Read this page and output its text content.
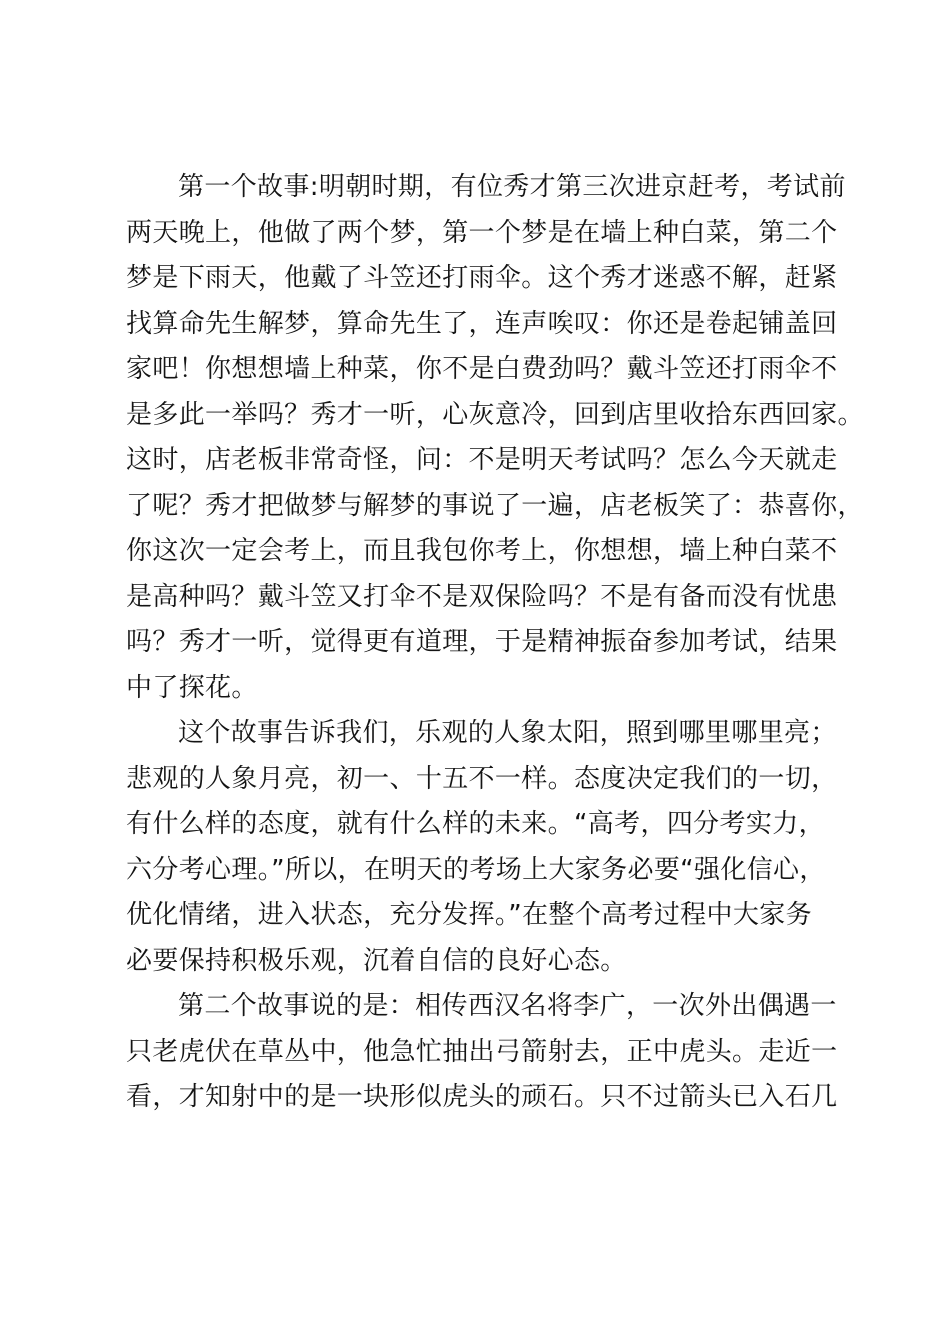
第一个故事:明朝时期，有位秀才第三次进京赶考，考试前
两天晚上，他做了两个梦，第一个梦是在墙上种白菜，第二个
梦是下雨天，他戴了斗笠还打雨伞。这个秀才迷惑不解，赶紧
找算命先生解梦，算命先生了，连声唉叹：你还是卷起铺盖回
家吧！你想想墙上种菜，你不是白费劲吗？戴斗笠还打雨伞不
是多此一举吗？秀才一听，心灰意冷，回到店里收拾东西回家。
这时，店老板非常奇怪，问：不是明天考试吗？怎么今天就走
了呢？秀才把做梦与解梦的事说了一遍，店老板笑了：恭喜你，
你这次一定会考上，而且我包你考上，你想想，墙上种白菜不
是高种吗？戴斗笠又打伞不是双保险吗？不是有备而没有忧患
吗？秀才一听，觉得更有道理，于是精神振奋参加考试，结果
中了探花。
这个故事告诉我们，乐观的人象太阳，照到哪里哪里亮；
悲观的人象月亮，初一、十五不一样。态度决定我们的一切，
有什么样的态度，就有什么样的未来。“高考，四分考实力，
六分考心理。”所以，在明天的考场上大家务必要“强化信心，
优化情绪，进入状态，充分发挥。”在整个高考过程中大家务
必要保持积极乐观，沉着自信的良好心态。
第二个故事说的是：相传西汉名将李广，一次外出偶遇一
只老虎伏在草丛中，他急忙抽出弓箭射去，正中虎头。走近一
看，才知射中的是一块形似虎头的顽石。只不过箭头已入石几
